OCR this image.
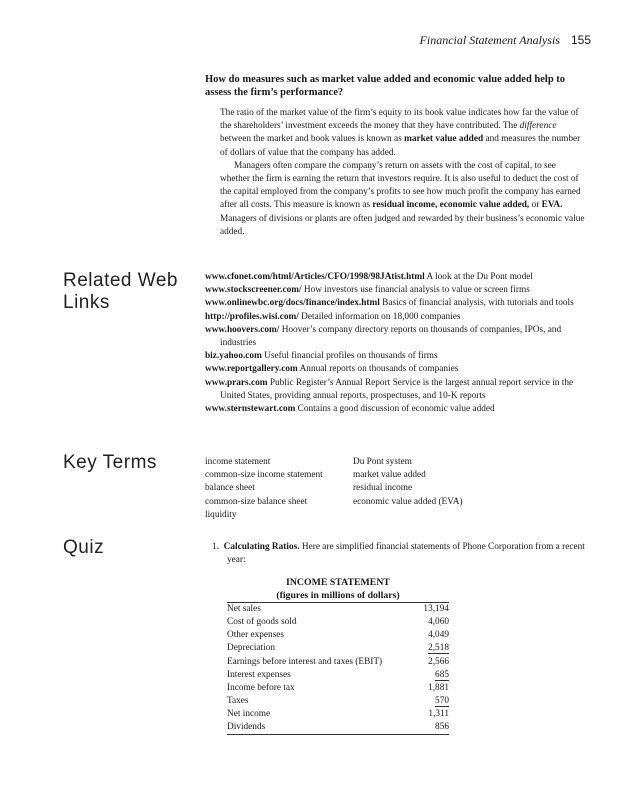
Financial Statement Analysis 155
How do measures such as market value added and economic value added help to assess the firm’s performance?

The ratio of the market value of the firm’s equity to its book value indicates how far the value of the shareholders’ investment exceeds the money that they have contributed. The difference between the market and book values is known as market value added and measures the number of dollars of value that the company has added.

Managers often compare the company’s return on assets with the cost of capital, to see whether the firm is earning the return that investors require. It is also useful to deduct the cost of the capital employed from the company’s profits to see how much profit the company has earned after all costs. This measure is known as residual income, economic value added, or EVA. Managers of divisions or plants are often judged and rewarded by their business’s economic value added.

Related Web
Links
www.cfonet.com/html/Articles/CFO/1998/98JAtist.html A look at the Du Pont model
www.stockscreener.com/ How investors use financial analysis to value or screen firms
www.onlinewbc.org/docs/finance/index.html Basics of financial analysis, with tutorials and tools
http://profiles.wisi.com/ Detailed information on 18,000 companies
www.hoovers.com/ Hoover’s company directory reports on thousands of companies, IPOs, and industries
biz.yahoo.com Useful financial profiles on thousands of firms
www.reportgallery.com Annual reports on thousands of companies
www.prars.com Public Register’s Annual Report Service is the largest annual report service in the United States, providing annual reports, prospectuses, and 10-K reports
www.sternstewart.com Contains a good discussion of economic value added
Key Terms	income statement
common-size income statement
balance sheet
common-size balance sheet
liquidity
Du Pont system
market value added
residual income
economic value added (EVA)
Quiz	1. Calculating Ratios. Here are simplified financial statements of Phone Corporation from a recent year:
INCOME STATEMENT
(figures in millions of dollars)	

Net sales	13,194
Cost of goods sold	4,060
Other expenses	4,049
Depreciation	2,518
Earnings before interest and taxes (EBIT)	2,566
Interest expenses	685
Income before tax	1,881
Taxes	570
Net income	1,311
Dividends	856
